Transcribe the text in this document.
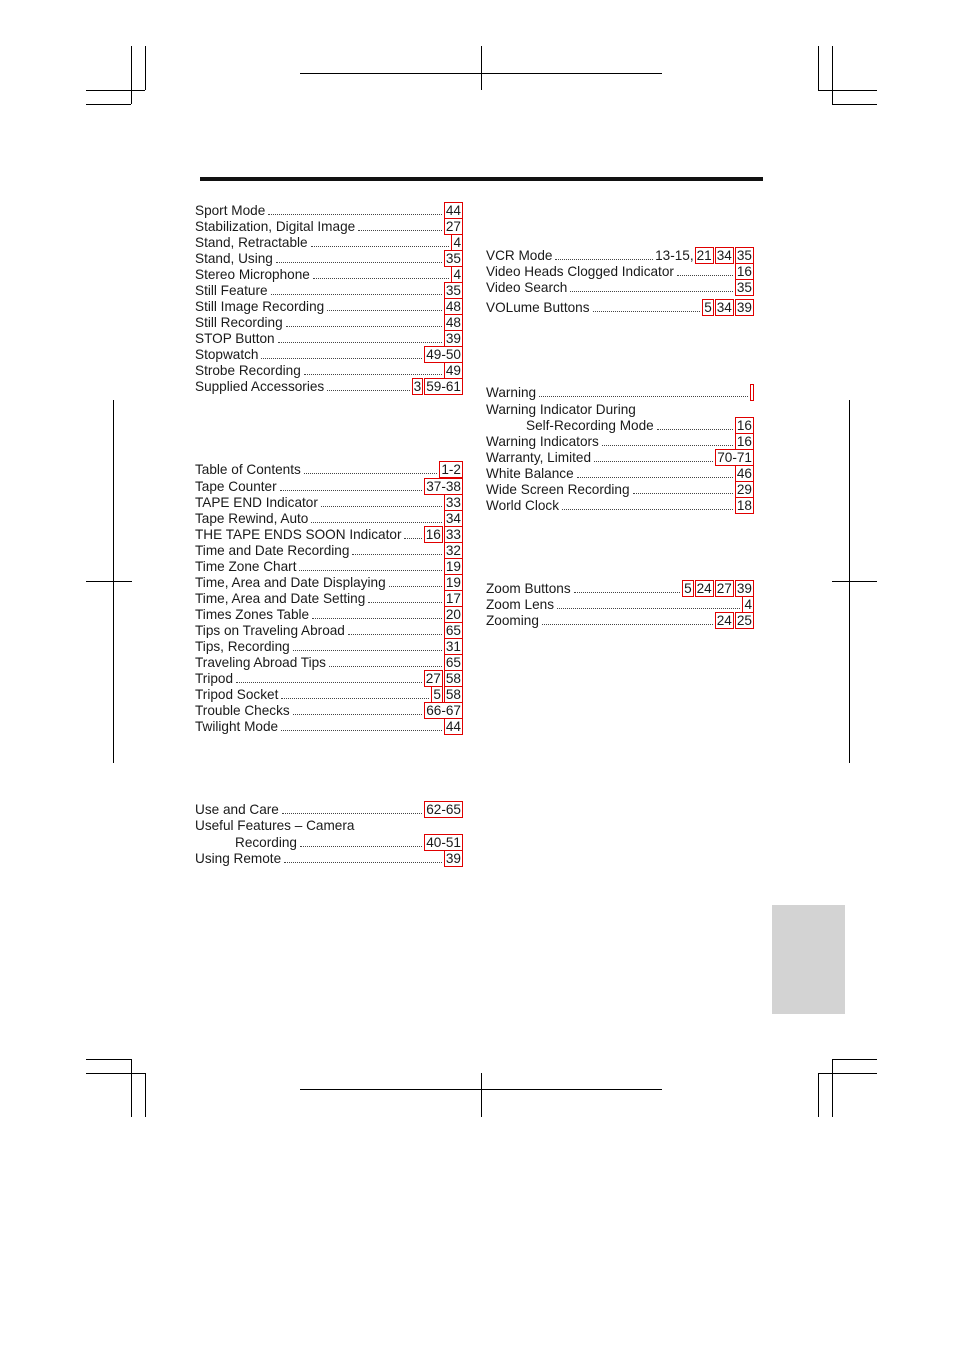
Sport Mode	44
Stabilization, Digital Image	27
Stand, Retractable	4
Stand, Using	35
Stereo Microphone	4
Still Feature	35
Still Image Recording	48
Still Recording	48
STOP Button	39
Stopwatch	49-50
Strobe Recording	49
Supplied Accessories	3 59-61
Table of Contents	1-2
Tape Counter	37-38
TAPE END Indicator	33
Tape Rewind, Auto	34
THE TAPE ENDS SOON Indicator 16 33
Time and Date Recording	32
Time Zone Chart	19
Time, Area and Date Displaying	19
Time, Area and Date Setting	17
Times Zones Table	20
Tips on Traveling Abroad	65
Tips, Recording	31
Traveling Abroad Tips	65
Tripod	27 58
Tripod Socket	5 58
Trouble Checks	66-67
Twilight Mode	44
Use and Care	62-65
Useful Features – Camera
Recording	40-51
Using Remote	39
VCR Mode	13-15, 21 34 35
Video Heads Clogged Indicator	16
Video Search	35
VOLume Buttons	5 34 39
Warning
Warning Indicator During
Self-Recording Mode	16
Warning Indicators	16
Warranty, Limited	70-71
White Balance	46
Wide Screen Recording	29
World Clock	18
Zoom Buttons	5 24 27 39
Zoom Lens	4
Zooming	24 25
